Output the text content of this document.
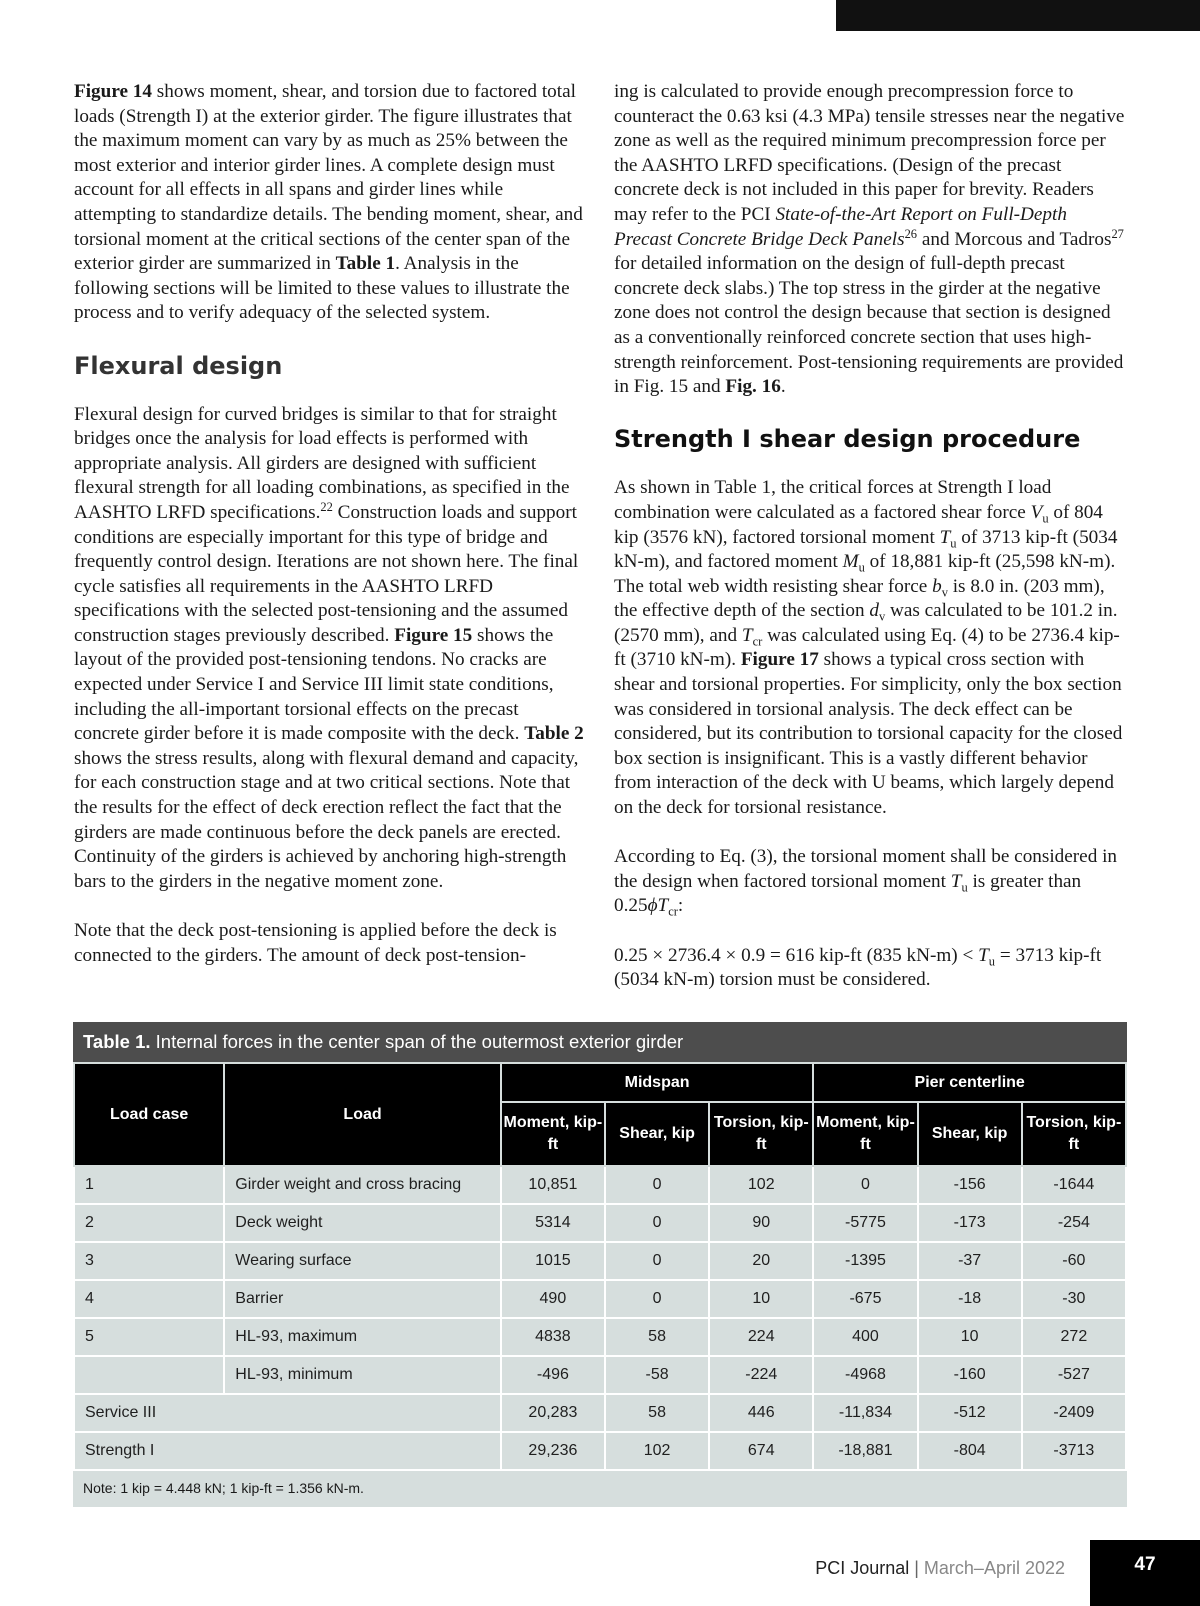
Figure 14 shows moment, shear, and torsion due to factored total loads (Strength I) at the exterior girder. The figure illustrates that the maximum moment can vary by as much as 25% between the most exterior and interior girder lines. A complete design must account for all effects in all spans and girder lines while attempting to standardize details. The bending moment, shear, and torsional moment at the critical sections of the center span of the exterior girder are summarized in Table 1. Analysis in the following sections will be limited to these values to illustrate the process and to verify adequacy of the selected system.

Flexural design

Flexural design for curved bridges is similar to that for straight bridges once the analysis for load effects is performed with appropriate analysis. All girders are designed with sufficient flexural strength for all loading combinations, as specified in the AASHTO LRFD specifications.$^{22}$ Construction loads and support conditions are especially important for this type of bridge and frequently control design. Iterations are not shown here. The final cycle satisfies all requirements in the AASHTO LRFD specifications with the selected post-tensioning and the assumed construction stages previously described. Figure 15 shows the layout of the provided post-tensioning tendons. No cracks are expected under Service I and Service III limit state conditions, including the all-important torsional effects on the precast concrete girder before it is made composite with the deck. Table 2 shows the stress results, along with flexural demand and capacity, for each construction stage and at two critical sections. Note that the results for the effect of deck erection reflect the fact that the girders are made continuous before the deck panels are erected. Continuity of the girders is achieved by anchoring high-strength bars to the girders in the negative moment zone.

Note that the deck post-tensioning is applied before the deck is connected to the girders. The amount of deck post-tension-

ing is calculated to provide enough precompression force to counteract the 0.63 ksi (4.3 MPa) tensile stresses near the negative zone as well as the required minimum precompression force per the AASHTO LRFD specifications. (Design of the precast concrete deck is not included in this paper for brevity. Readers may refer to the PCI State-of-the-Art Report on Full-Depth Precast Concrete Bridge Deck Panels$^{26}$ and Morcous and Tadros$^{27}$ for detailed information on the design of full-depth precast concrete deck slabs.) The top stress in the girder at the negative zone does not control the design because that section is designed as a conventionally reinforced concrete section that uses high-strength reinforcement. Post-tensioning requirements are provided in Fig. 15 and Fig. 16.

Strength I shear design procedure

As shown in Table 1, the critical forces at Strength I load combination were calculated as a factored shear force $V_u$ of 804 kip (3576 kN), factored torsional moment $T_u$ of 3713 kip-ft (5034 kN-m), and factored moment $M_u$ of 18,881 kip-ft (25,598 kN-m). The total web width resisting shear force $b_v$ is 8.0 in. (203 mm), the effective depth of the section $d_v$ was calculated to be 101.2 in. (2570 mm), and $T_{cr}$ was calculated using Eq. (4) to be 2736.4 kip-ft (3710 kN-m). Figure 17 shows a typical cross section with shear and torsional properties. For simplicity, only the box section was considered in torsional analysis. The deck effect can be considered, but its contribution to torsional capacity for the closed box section is insignificant. This is a vastly different behavior from interaction of the deck with U beams, which largely depend on the deck for torsional resistance.

According to Eq. (3), the torsional moment shall be considered in the design when factored torsional moment $T_u$ is greater than $0.25\phi T_{cr}$:

0.25 × 2736.4 × 0.9 = 616 kip-ft (835 $kN-m) < T_u = 3713$ kip-ft (5034 kN-m) torsion must be considered.

Table 1. Internal forces in the center span of the outermost exterior girder
Load case	Load	Midspan			Pier centerline		
		Moment, kip-ft	Shear, kip	Torsion, kip-ft	Moment, kip-ft	Shear, kip	Torsion, kip-ft
1	Girder weight and cross bracing	10,851	0	102	0	-156	-1644
2	Deck weight	5314	0	90	-5775	-173	-254
3	Wearing surface	1015	0	20	-1395	-37	-60
4	Barrier	490	0	10	-675	-18	-30
5	HL-93, maximum	4838	58	224	400	10	272
	HL-93, minimum	-496	-58	-224	-4968	-160	-527
Service III		20,283	58	446	-11,834	-512	-2409
Strength I		29,236	102	674	-18,881	-804	-3713
Note: 1 kip = 4.448 kN; 1 kip-ft = 1.356 kN-m.
PCI Journal | March–April 2022	47
